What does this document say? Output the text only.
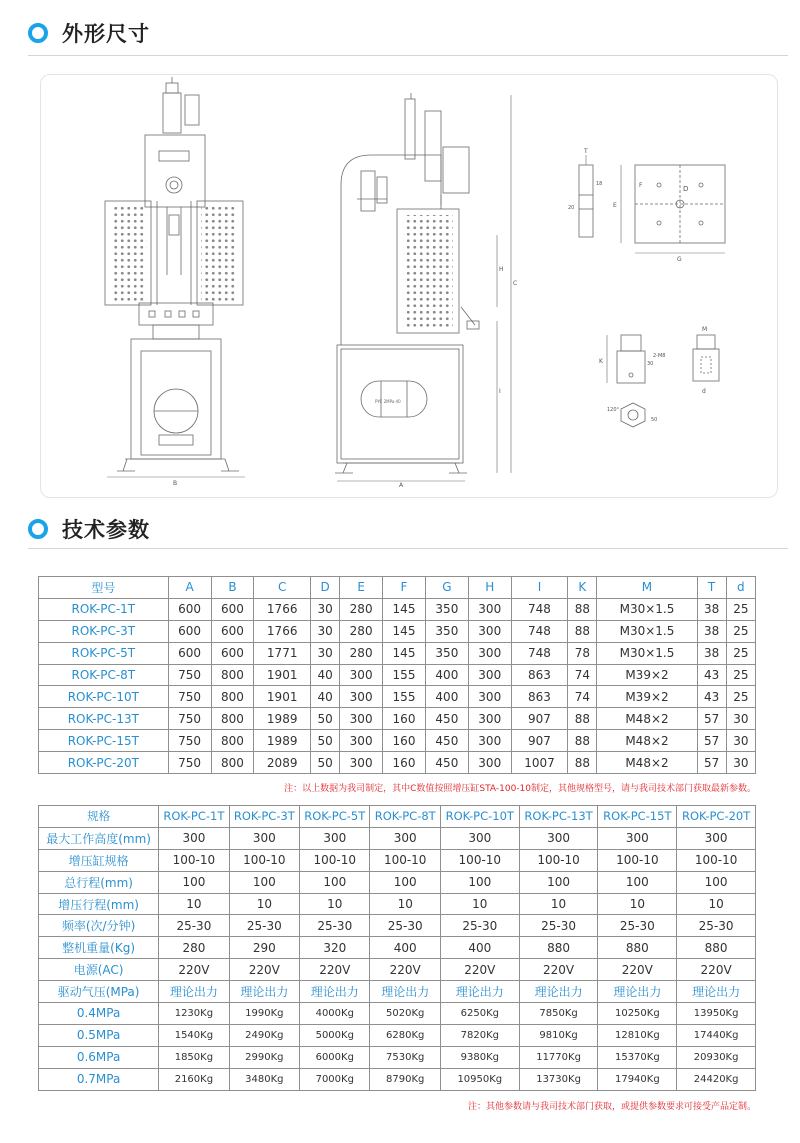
外形尺寸
B
PYC 2MPa·40
A
C
H
I
T
20
18
D
E
F
G
K	30
2-M8
M
d
120°
50
技术参数
型号	A	B	C	D	E	F	G	H	I	K	M	T	d
ROK-PC-1T	600	600	1766	30	280	145	350	300	748	88	M30×1.5	38	25
ROK-PC-3T	600	600	1766	30	280	145	350	300	748	88	M30×1.5	38	25
ROK-PC-5T	600	600	1771	30	280	145	350	300	748	78	M30×1.5	38	25
ROK-PC-8T	750	800	1901	40	300	155	400	300	863	74	M39×2	43	25
ROK-PC-10T	750	800	1901	40	300	155	400	300	863	74	M39×2	43	25
ROK-PC-13T	750	800	1989	50	300	160	450	300	907	88	M48×2	57	30
ROK-PC-15T	750	800	1989	50	300	160	450	300	907	88	M48×2	57	30
ROK-PC-20T	750	800	2089	50	300	160	450	300	1007	88	M48×2	57	30
注：以上数据为我司制定，其中C数值按照增压缸STA-100-10制定，其他规格型号，请与我司技术部门获取最新参数。
规格	ROK-PC-1T	ROK-PC-3T	ROK-PC-5T	ROK-PC-8T	ROK-PC-10T	ROK-PC-13T	ROK-PC-15T	ROK-PC-20T
最大工作高度(mm)	300	300	300	300	300	300	300	300
增压缸规格	100-10	100-10	100-10	100-10	100-10	100-10	100-10	100-10
总行程(mm)	100	100	100	100	100	100	100	100
增压行程(mm)	10	10	10	10	10	10	10	10
频率(次/分钟)	25-30	25-30	25-30	25-30	25-30	25-30	25-30	25-30
整机重量(Kg)	280	290	320	400	400	880	880	880
电源(AC)	220V	220V	220V	220V	220V	220V	220V	220V
驱动气压(MPa)	理论出力	理论出力	理论出力	理论出力	理论出力	理论出力	理论出力	理论出力
0.4MPa	1230Kg	1990Kg	4000Kg	5020Kg	6250Kg	7850Kg	10250Kg	13950Kg
0.5MPa	1540Kg	2490Kg	5000Kg	6280Kg	7820Kg	9810Kg	12810Kg	17440Kg
0.6MPa	1850Kg	2990Kg	6000Kg	7530Kg	9380Kg	11770Kg	15370Kg	20930Kg
0.7MPa	2160Kg	3480Kg	7000Kg	8790Kg	10950Kg	13730Kg	17940Kg	24420Kg
注：其他参数请与我司技术部门获取，或提供参数要求可接受产品定制。
